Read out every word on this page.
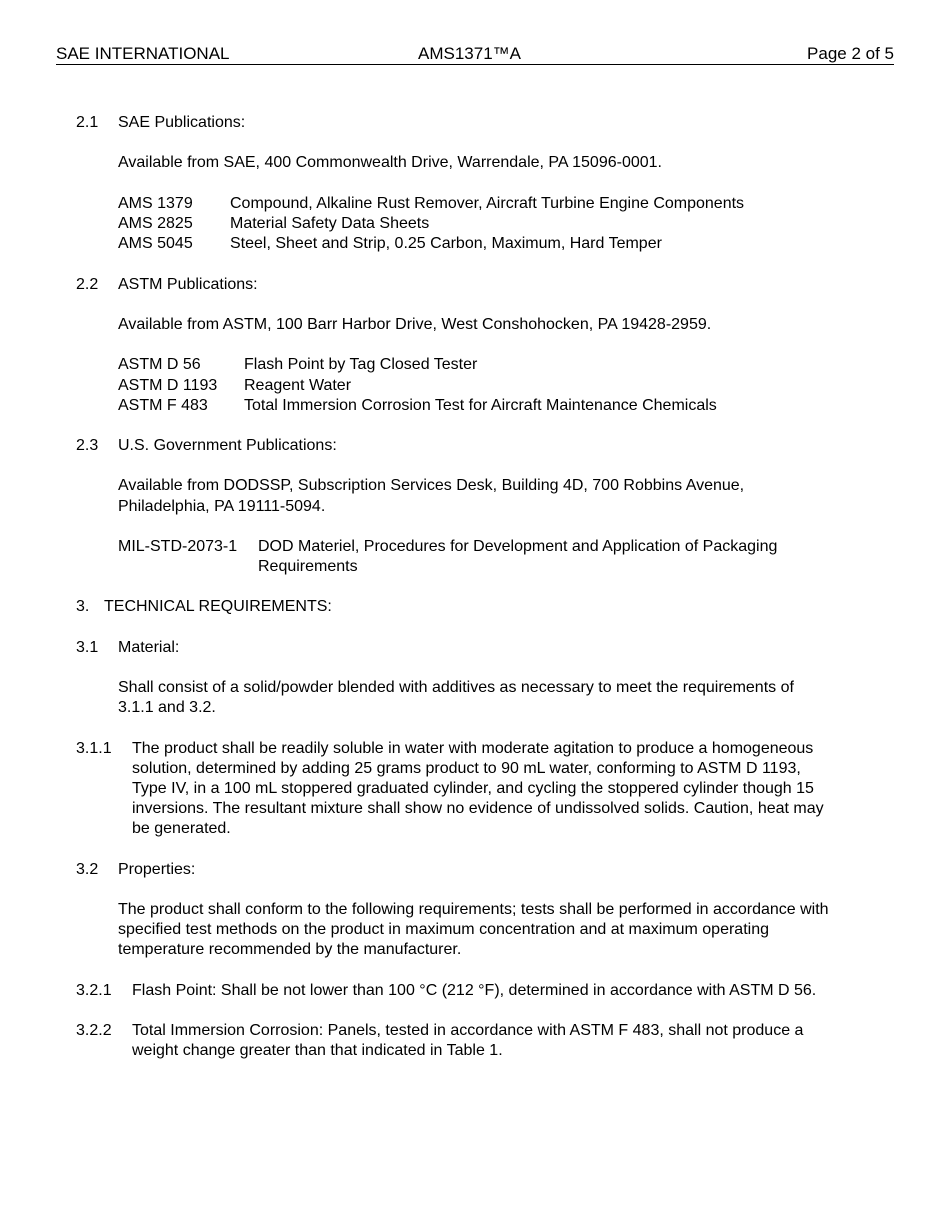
SAE INTERNATIONAL	AMS1371™A	Page 2 of 5
2.1 SAE Publications:
Available from SAE, 400 Commonwealth Drive, Warrendale, PA 15096-0001.
AMS 1379 Compound, Alkaline Rust Remover, Aircraft Turbine Engine Components
AMS 2825 Material Safety Data Sheets
AMS 5045 Steel, Sheet and Strip, 0.25 Carbon, Maximum, Hard Temper
2.2 ASTM Publications:
Available from ASTM, 100 Barr Harbor Drive, West Conshohocken, PA 19428-2959.
ASTM D 56	Flash Point by Tag Closed Tester
ASTM D 1193 Reagent Water
ASTM F 483 Total Immersion Corrosion Test for Aircraft Maintenance Chemicals
2.3 U.S. Government Publications:
Available from DODSSP, Subscription Services Desk, Building 4D, 700 Robbins Avenue,
Philadelphia, PA 19111-5094.
MIL-STD-2073-1 DOD Materiel, Procedures for Development and Application of Packaging
Requirements
3. TECHNICAL REQUIREMENTS:
3.1 Material:
Shall consist of a solid/powder blended with additives as necessary to meet the requirements of
3.1.1 and 3.2.
3.1.1 The product shall be readily soluble in water with moderate agitation to produce a homogeneous
solution, determined by adding 25 grams product to 90 mL water, conforming to ASTM D 1193,
Type IV, in a 100 mL stoppered graduated cylinder, and cycling the stoppered cylinder though 15
inversions. The resultant mixture shall show no evidence of undissolved solids. Caution, heat may
be generated.
3.2 Properties:
The product shall conform to the following requirements; tests shall be performed in accordance with
specified test methods on the product in maximum concentration and at maximum operating
temperature recommended by the manufacturer.
3.2.1 Flash Point: Shall be not lower than 100 °C (212 °F), determined in accordance with ASTM D 56.
3.2.2 Total Immersion Corrosion: Panels, tested in accordance with ASTM F 483, shall not produce a
weight change greater than that indicated in Table 1.
